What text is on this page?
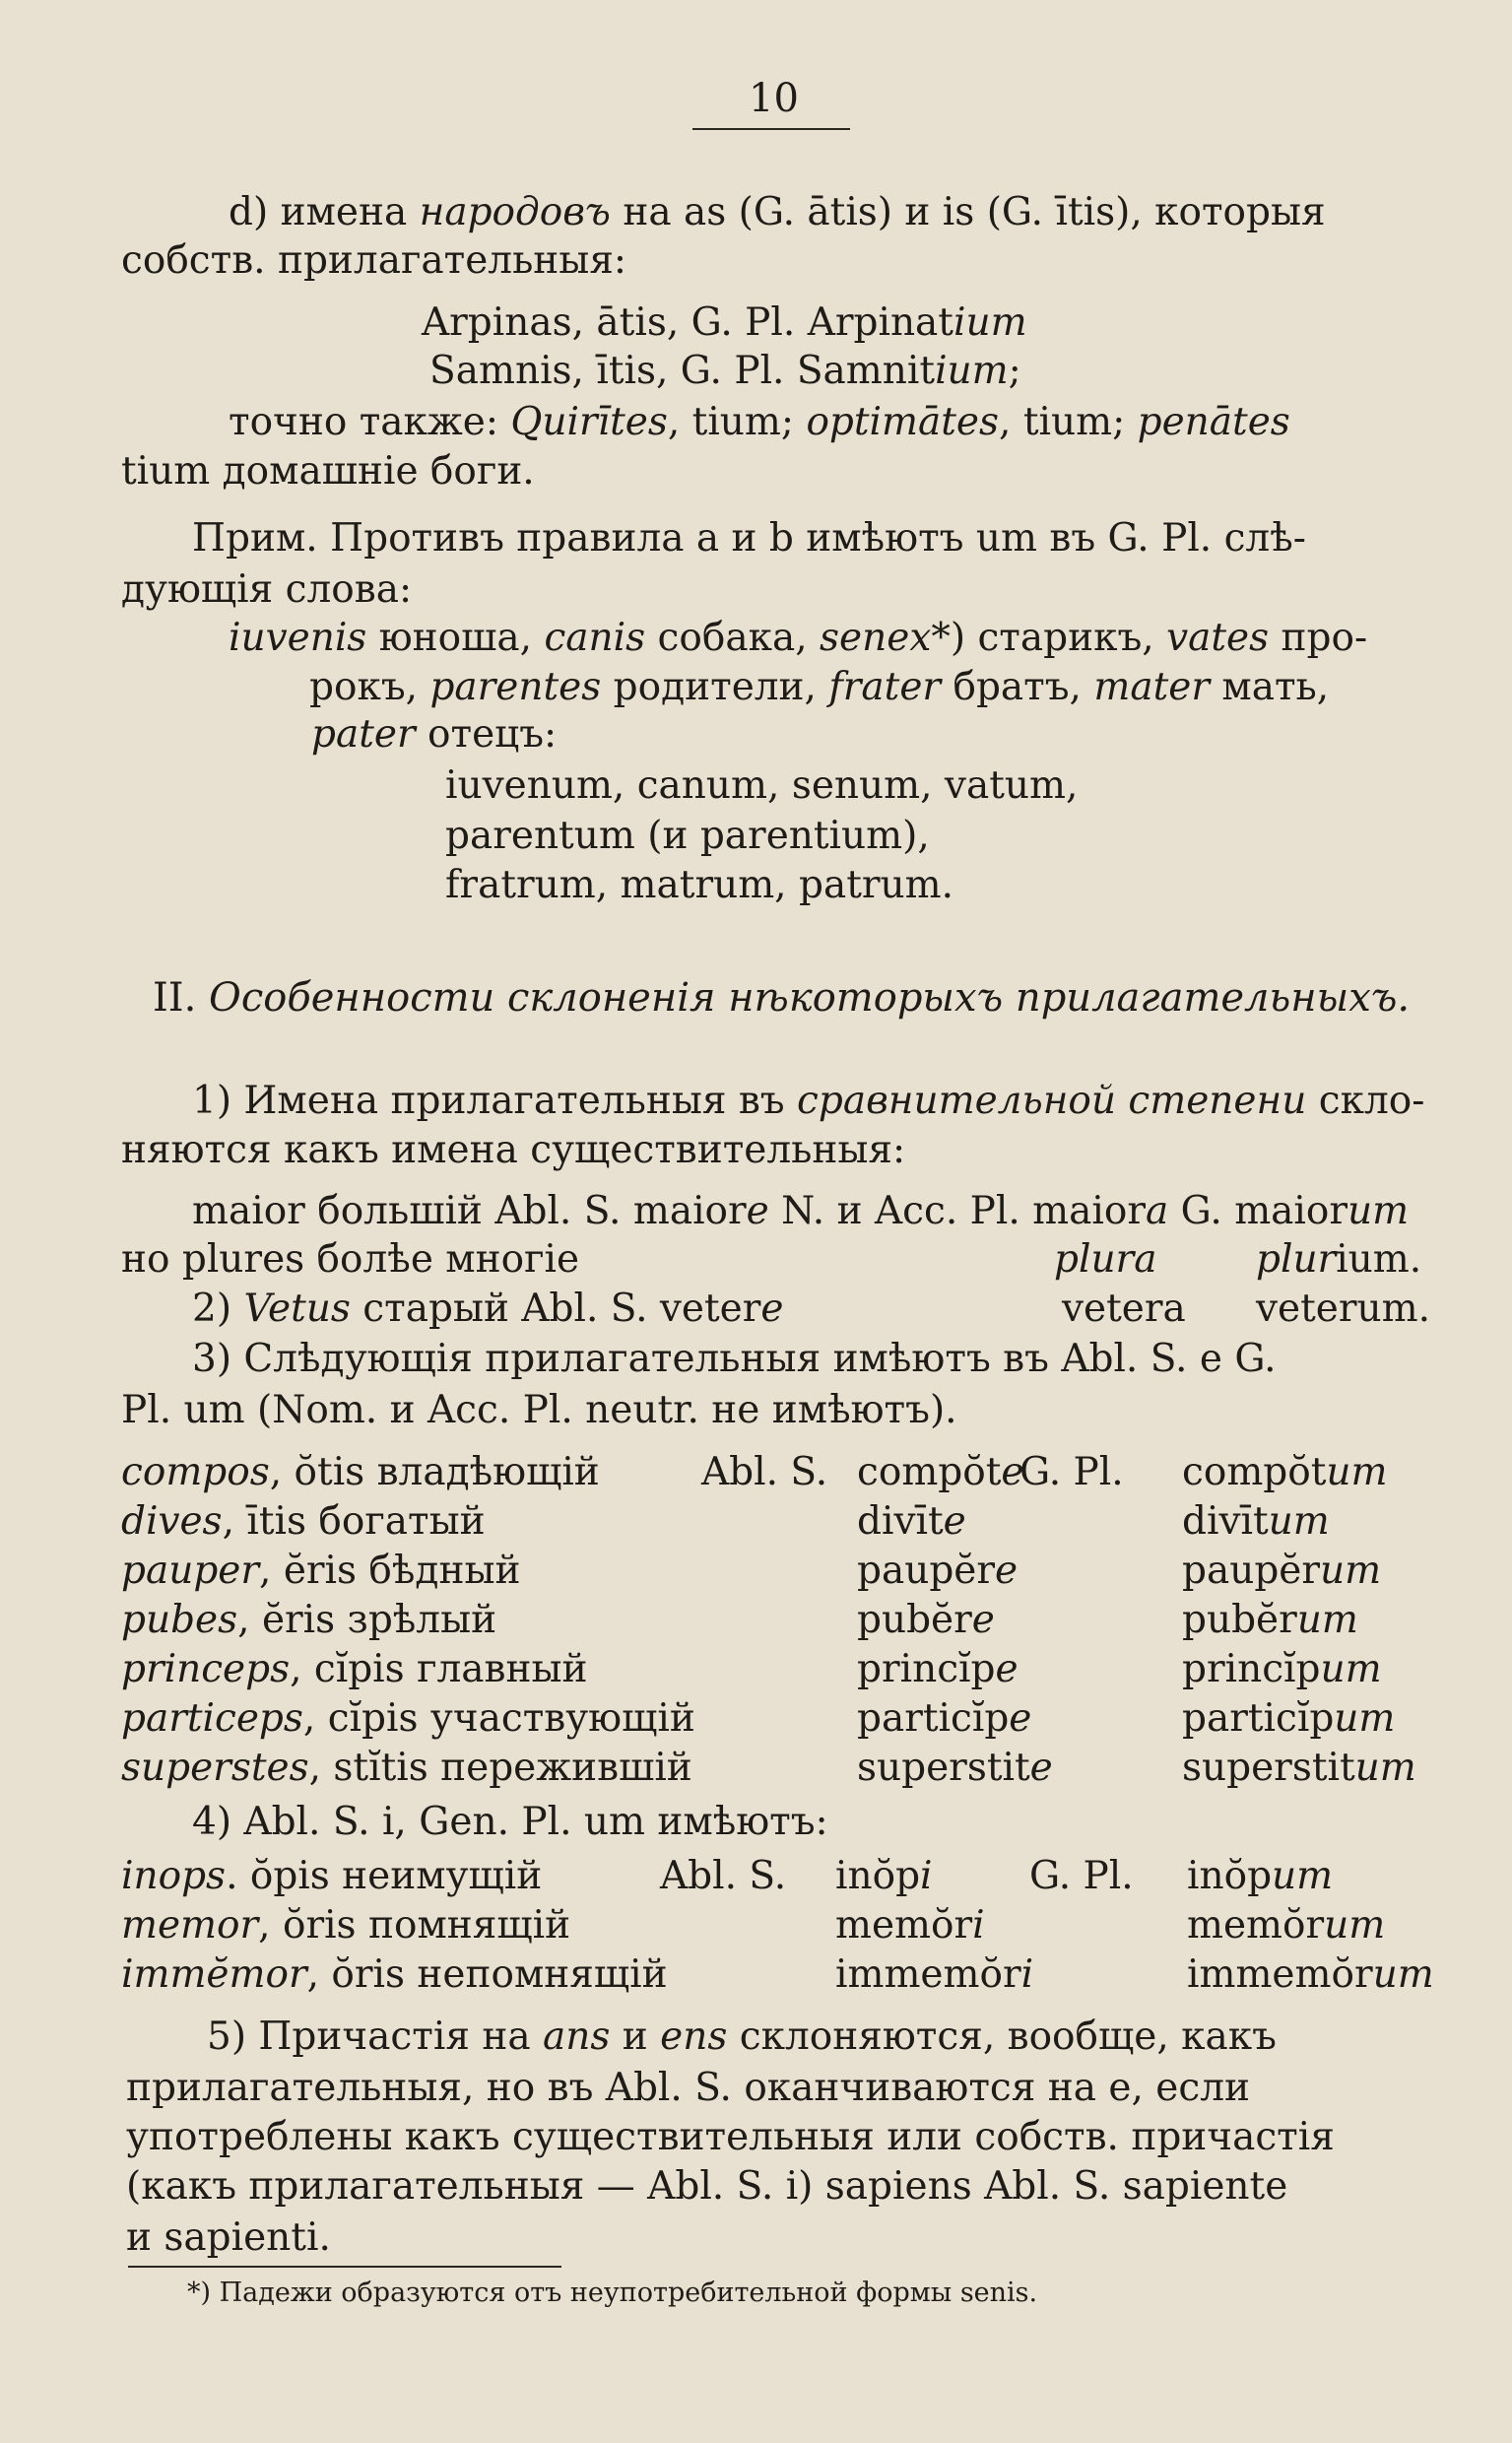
10
d) имена народовъ на as (G. ātis) и is (G. ītis), которыя
собств. прилагательныя:
Arpinas, ātis, G. Pl. Arpinatium
Samnis, ītis, G. Pl. Samnitium;
точно также: Quirītes, tium; optimātes, tium; penātes
tium домашніе боги.
Прим. Противъ правила a и b имѣютъ um въ G. Pl. слѣ-
дующія слова:
iuvenis юноша, canis собака, senex*) старикъ, vates про-
рокъ, parentes родители, frater братъ, mater мать,
pater отецъ:
iuvenum, canum, senum, vatum,
parentum (и parentium),
fratrum, matrum, patrum.
II. Особенности склоненія нѣкоторыхъ прилагательныхъ.
1) Имена прилагательныя въ сравнительной степени скло-
няются какъ имена существительныя:
maior большій Abl. S. maiore N. и Acc. Pl. maiora G. maiorum
но plures болѣе многіе	plura	plurium.
2) Vetus старый Abl. S. vetere	vetera veterum.
3) Слѣдующія прилагательныя имѣютъ въ Abl. S. e G.
Pl. um (Nom. и Acc. Pl. neutr. не имѣютъ).
Abl. S.	G. Pl.
compos, ŏtis владѣющій	compŏte	compŏtum
dives, ītis богатый	divīte	divītum
pauper, ĕris бѣдный	paupĕre	paupĕrum
pubes, ĕris зрѣлый	pubĕre	pubĕrum
princeps, cĭpis главный	princĭpe	princĭpum
particeps, cĭpis участвующій	particĭpe	particĭpum
superstes, stĭtis пережившій	superstite	superstitum
4) Abl. S. i, Gen. Pl. um имѣютъ:
Abl. S.	G. Pl.
inops. ŏpis неимущій	inŏpi	inŏpum
memor, ŏris помнящій	memŏri	memŏrum
immĕmor, ŏris непомнящій	immemŏri	immemŏrum
5) Причастія на ans и ens склоняются, вообще, какъ
прилагательныя, но въ Abl. S. оканчиваются на e, если
употреблены какъ существительныя или собств. причастія
(какъ прилагательныя — Abl. S. i) sapiens Abl. S. sapiente
и sapienti.
*) Падежи образуются отъ неупотребительной формы senis.
